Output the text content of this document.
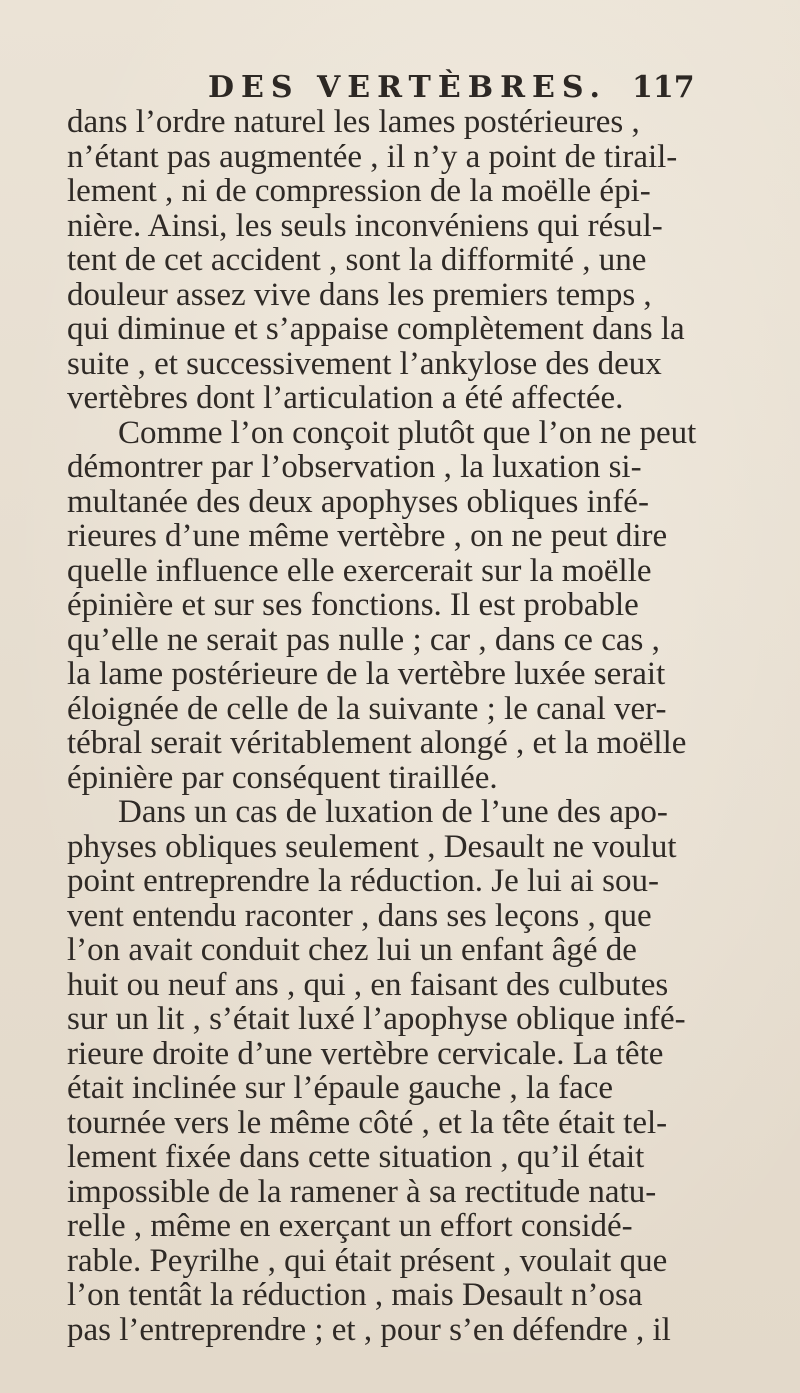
DES VERTÈBRES. 117
dans l’ordre naturel les lames postérieures ,
n’étant pas augmentée , il n’y a point de tirail-
lement , ni de compression de la moëlle épi-
nière. Ainsi, les seuls inconvéniens qui résul-
tent de cet accident , sont la difformité , une
douleur assez vive dans les premiers temps ,
qui diminue et s’appaise complètement dans la
suite , et successivement l’ankylose des deux
vertèbres dont l’articulation a été affectée.
Comme l’on conçoit plutôt que l’on ne peut
démontrer par l’observation , la luxation si-
multanée des deux apophyses obliques infé-
rieures d’une même vertèbre , on ne peut dire
quelle influence elle exercerait sur la moëlle
épinière et sur ses fonctions. Il est probable
qu’elle ne serait pas nulle ; car , dans ce cas ,
la lame postérieure de la vertèbre luxée serait
éloignée de celle de la suivante ; le canal ver-
tébral serait véritablement alongé , et la moëlle
épinière par conséquent tiraillée.
Dans un cas de luxation de l’une des apo-
physes obliques seulement , Desault ne voulut
point entreprendre la réduction. Je lui ai sou-
vent entendu raconter , dans ses leçons , que
l’on avait conduit chez lui un enfant âgé de
huit ou neuf ans , qui , en faisant des culbutes
sur un lit , s’était luxé l’apophyse oblique infé-
rieure droite d’une vertèbre cervicale. La tête
était inclinée sur l’épaule gauche , la face
tournée vers le même côté , et la tête était tel-
lement fixée dans cette situation , qu’il était
impossible de la ramener à sa rectitude natu-
relle , même en exerçant un effort considé-
rable. Peyrilhe , qui était présent , voulait que
l’on tentât la réduction , mais Desault n’osa
pas l’entreprendre ; et , pour s’en défendre , il
